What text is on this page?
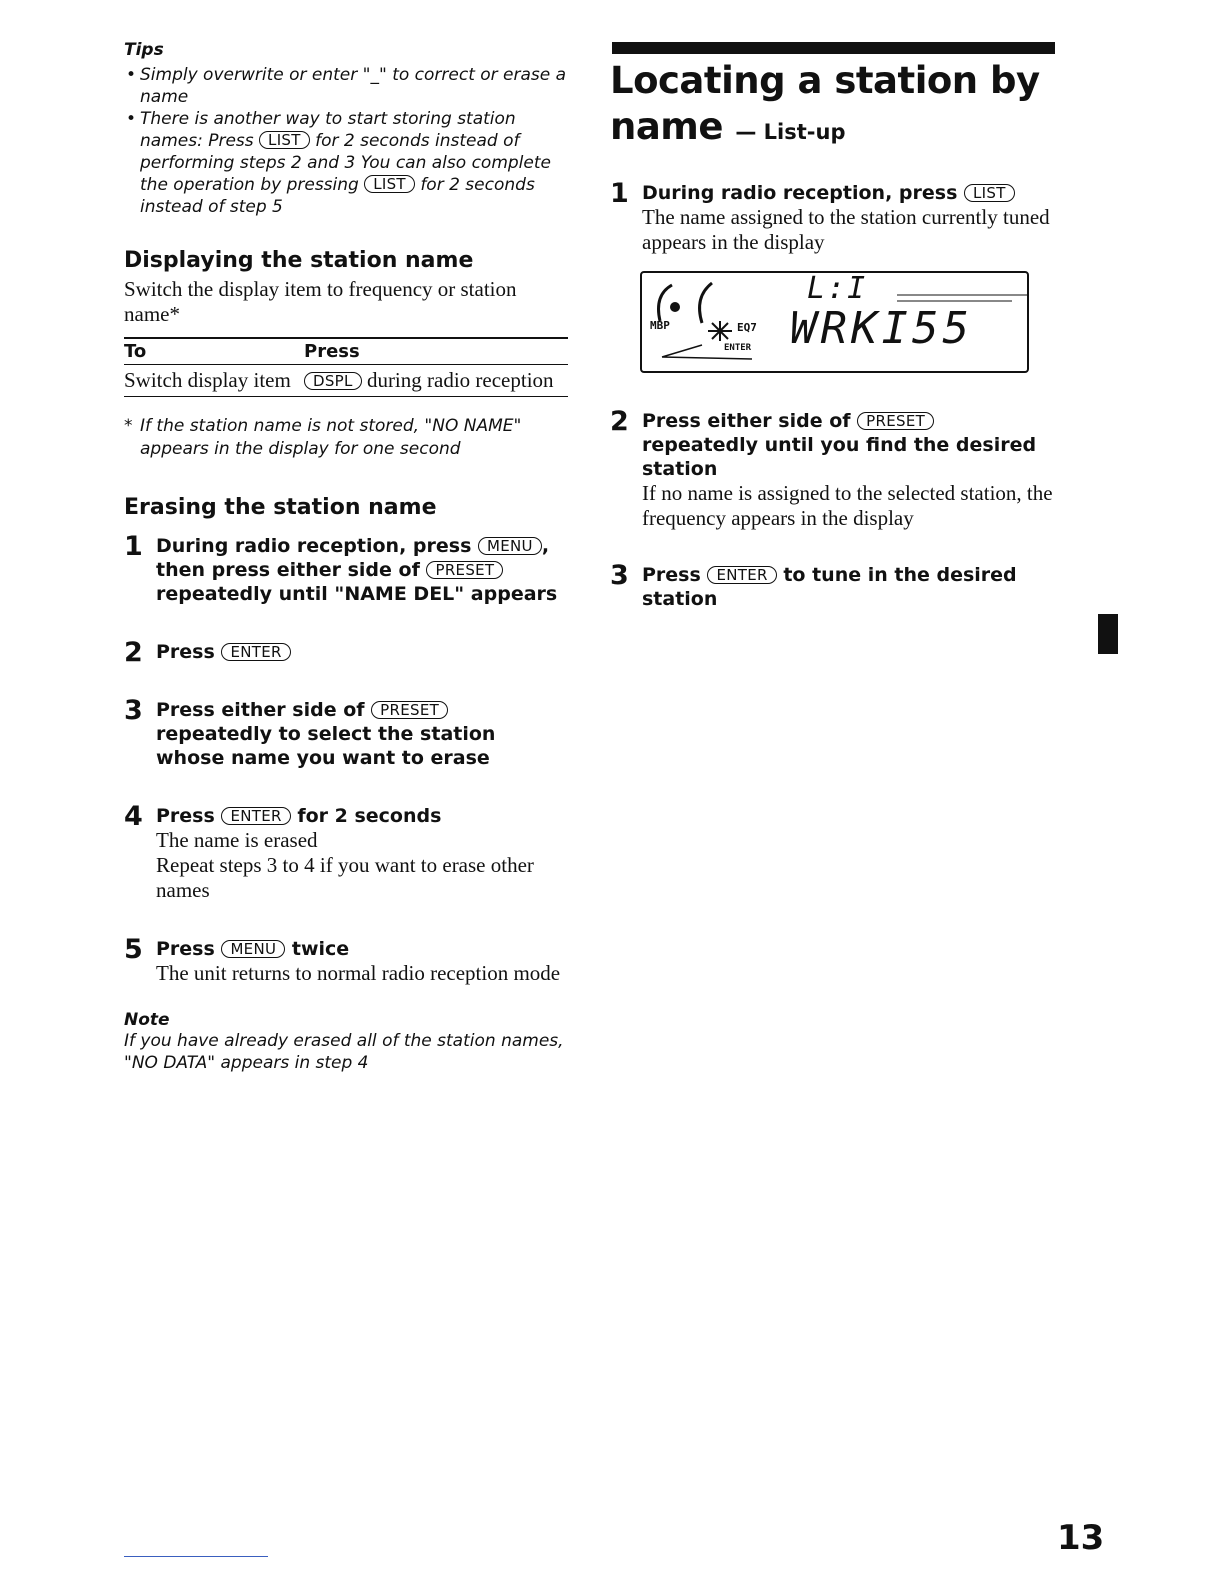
Tips

• Simply overwrite or enter "_" to correct or erase a name

• There is another way to start storing station names: Press LIST for 2 seconds instead of performing steps 2 and 3 You can also complete the operation by pressing LIST for 2 seconds instead of step 5

Displaying the station name
Switch the display item to frequency or station name*
To	Press
Switch display item	DSPL during radio reception
* If the station name is not stored, "NO NAME" appears in the display for one second
Erasing the station name
1 During radio reception, press MENU , then press either side of PRESET repeatedly until "NAME DEL" appears
2 Press ENTER
3 Press either side of PRESET repeatedly to select the station whose name you want to erase
4 Press ENTER for 2 seconds
The name is erased
Repeat steps 3 to 4 if you want to erase other names
5 Press MENU twice
The unit returns to normal radio reception mode
Note
If you have already erased all of the station names, "NO DATA" appears in step 4
Locating a station by
name — List-up
1 During radio reception, press LIST
The name assigned to the station currently tuned appears in the display
MBP	EQ7
ENTER
L:I
WRKI55
2 Press either side of PRESET repeatedly until you find the desired station
If no name is assigned to the selected station, the frequency appears in the display
3 Press ENTER to tune in the desired station
13
